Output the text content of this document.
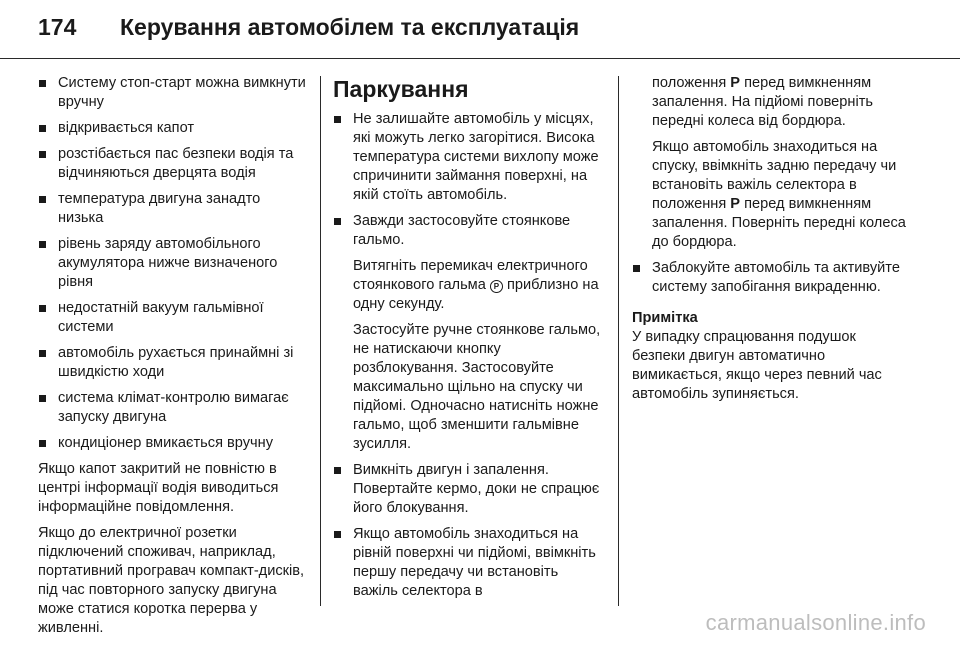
174 Керування автомобілем та експлуатація
Систему стоп-старт можна вимкнути вручну
відкривається капот
розстібається пас безпеки водія та відчиняються дверцята водія
температура двигуна занадто низька
рівень заряду автомобільного акумулятора нижче визначеного рівня
недостатній вакуум гальмівної системи
автомобіль рухається принаймні зі швидкістю ходи
система клімат-контролю вимагає запуску двигуна
кондиціонер вмикається вручну

Якщо капот закритий не повністю в центрі інформації водія виводиться інформаційне повідомлення.

Якщо до електричної розетки підключений споживач, наприклад, портативний програвач компакт-дисків, під час повторного запуску двигуна може статися коротка перерва у живленні.

Паркування
Не залишайте автомобіль у місцях, які можуть легко загорітися. Висока температура системи вихлопу може спричинити займання поверхні, на якій стоїть автомобіль.
Завжди застосовуйте стоянкове гальмо.

Витягніть перемикач електричного стоянкового гальма P приблизно на одну секунду.

Застосуйте ручне стоянкове гальмо, не натискаючи кнопку розблокування. Застосовуйте максимально щільно на спуску чи підйомі. Одночасно натисніть ножне гальмо, щоб зменшити гальмівне зусилля.

Вимкніть двигун і запалення. Повертайте кермо, доки не спрацює його блокування.
Якщо автомобіль знаходиться на рівній поверхні чи підйомі, ввімкніть першу передачу чи встановіть важіль селектора в

положення P перед вимкненням запалення. На підйомі поверніть передні колеса від бордюра.

Якщо автомобіль знаходиться на спуску, ввімкніть задню передачу чи встановіть важіль селектора в положення P перед вимкненням запалення. Поверніть передні колеса до бордюра.

Заблокуйте автомобіль та активуйте систему запобігання викраденню.
Примітка

У випадку спрацювання подушок безпеки двигун автоматично вимикається, якщо через певний час автомобіль зупиняється.

carmanualsonline.info
